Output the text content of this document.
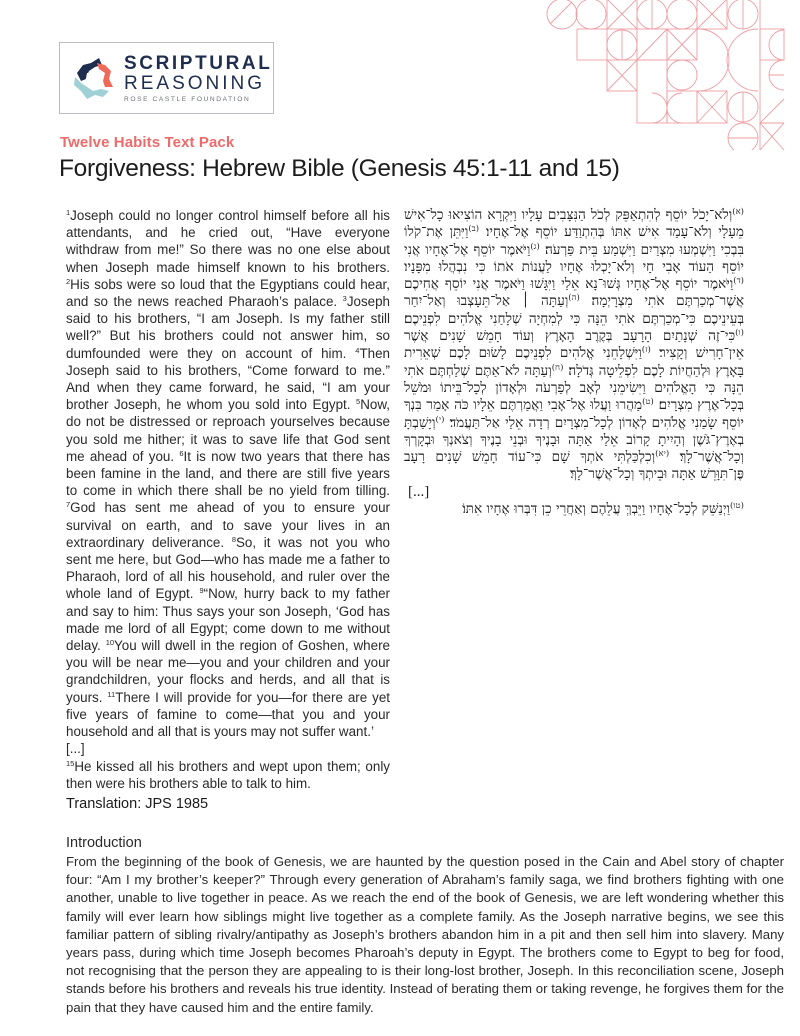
SCRIPTURAL
REASONING
ROSE CASTLE FOUNDATION
Twelve Habits Text Pack
Forgiveness: Hebrew Bible (Genesis 45:1-11 and 15)

$^1$Joseph could no longer control himself before all his attendants, and he cried out, “Have everyone withdraw from me!” So there was no one else about when Joseph made himself known to his brothers. $^2$His sobs were so loud that the Egyptians could hear, and so the news reached Pharaoh’s palace. $^3$Joseph said to his brothers, “I am Joseph. Is my father still well?” But his brothers could not answer him, so dumfounded were they on account of him. $^4$Then Joseph said to his brothers, “Come forward to me.” And when they came forward, he said, “I am your brother Joseph, he whom you sold into Egypt. $^5$Now, do not be distressed or reproach yourselves because you sold me hither; it was to save life that God sent me ahead of you. $^6$It is now two years that there has been famine in the land, and there are still five years to come in which there shall be no yield from tilling. $^7$God has sent me ahead of you to ensure your survival on earth, and to save your lives in an extraordinary deliverance. $^8$So, it was not you who sent me here, but God—who has made me a father to Pharaoh, lord of all his household, and ruler over the whole land of Egypt. $^9$“Now, hurry back to my father and say to him: Thus says your son Joseph, ‘God has made me lord of all Egypt; come down to me without delay. $^{10}$You will dwell in the region of Goshen, where you will be near me—you and your children and your grandchildren, your flocks and herds, and all that is yours. $^{11}$There I will provide for you—for there are yet five years of famine to come—that you and your household and all that is yours may not suffer want.’

[...]

$^{15}$He kissed all his brothers and wept upon them; only then were his brothers able to talk to him.

$^{(א)}$וְלֹא־יָכֹל יוֹסֵף לְהִתְאַפֵּק לְכֹל הַנִּצָּבִים עָלָיו וַיִּקְרָא הוֹצִיאוּ כָל־אִישׁ מֵעָלָי וְלֹא־עָמַד אִישׁ אִתּוֹ בְּהִתְוַדַּע יוֹסֵף אֶל־אֶחָיו׃ $^{(ב)}$וַיִּתֵּן אֶת־קֹלוֹ בִּבְכִי וַיִּשְׁמְעוּ מִצְרַיִם וַיִּשְׁמַע בֵּית פַּרְעֹה׃ $^{(ג)}$וַיֹּאמֶר יוֹסֵף אֶל־אֶחָיו אֲנִי יוֹסֵף הַעוֹד אָבִי חָי וְלֹא־יָכְלוּ אֶחָיו לַעֲנוֹת אֹתוֹ כִּי נִבְהֲלוּ מִפָּנָיו׃ $^{(ד)}$וַיֹּאמֶר יוֹסֵף אֶל־אֶחָיו גְּשׁוּ־נָא אֵלַי וַיִּגָּשׁוּ וַיֹּאמֶר אֲנִי יוֹסֵף אֲחִיכֶם אֲשֶׁר־מְכַרְתֶּם אֹתִי מִצְרָיְמָה׃ $^{(ה)}$וְעַתָּה ׀ אַל־תֵּעָצְבוּ וְאַל־יִחַר בְּעֵינֵיכֶם כִּי־מְכַרְתֶּם אֹתִי הֵנָּה כִּי לְמִחְיָה שְׁלָחַנִי אֱלֹהִים לִפְנֵיכֶם׃ $^{(ו)}$כִּי־זֶה שְׁנָתַיִם הָרָעָב בְּקֶרֶב הָאָרֶץ וְעוֹד חָמֵשׁ שָׁנִים אֲשֶׁר אֵין־חָרִישׁ וְקָצִיר׃ $^{(ז)}$וַיִּשְׁלָחֵנִי אֱלֹהִים לִפְנֵיכֶם לָשׂוּם לָכֶם שְׁאֵרִית בָּאָרֶץ וּלְהַחֲיוֹת לָכֶם לִפְלֵיטָה גְּדֹלָה׃ $^{(ח)}$וְעַתָּה לֹא־אַתֶּם שְׁלַחְתֶּם אֹתִי הֵנָּה כִּי הָאֱלֹהִים וַיִּשִׂימֵנִי לְאָב לְפַרְעֹה וּלְאָדוֹן לְכָל־בֵּיתוֹ וּמֹשֵׁל בְּכָל־אֶרֶץ מִצְרָיִם׃ $^{(ט)}$מַהֲרוּ וַעֲלוּ אֶל־אָבִי וַאֲמַרְתֶּם אֵלָיו כֹּה אָמַר בִּנְךָ יוֹסֵף שָׂמַנִי אֱלֹהִים לְאָדוֹן לְכָל־מִצְרָיִם רְדָה אֵלַי אַל־תַּעֲמֹד׃ $^{(י)}$וְיָשַׁבְתָּ בְאֶרֶץ־גֹּשֶׁן וְהָיִיתָ קָרוֹב אֵלַי אַתָּה וּבָנֶיךָ וּבְנֵי בָנֶיךָ וְצֹאנְךָ וּבְקָרְךָ וְכָל־אֲשֶׁר־לָךְ׃ $^{(יא)}$וְכִלְכַּלְתִּי אֹתְךָ שָׁם כִּי־עוֹד חָמֵשׁ שָׁנִים רָעָב פֶּן־תִּוָּרֵשׁ אַתָּה וּבֵיתְךָ וְכָל־אֲשֶׁר־לָךְ׃

[...]

$^{(טו)}$וַיְנַשֵּׁק לְכָל־אֶחָיו וַיֵּבְךְּ עֲלֵהֶם וְאַחֲרֵי כֵן דִּבְּרוּ אֶחָיו אִתּוֹ׃

Translation: JPS 1985
Introduction

From the beginning of the book of Genesis, we are haunted by the question posed in the Cain and Abel story of chapter four: “Am I my brother’s keeper?” Through every generation of Abraham’s family saga, we find brothers fighting with one another, unable to live together in peace. As we reach the end of the book of Genesis, we are left wondering whether this family will ever learn how siblings might live together as a complete family. As the Joseph narrative begins, we see this familiar pattern of sibling rivalry/antipathy as Joseph’s brothers abandon him in a pit and then sell him into slavery. Many years pass, during which time Joseph becomes Pharoah’s deputy in Egypt. The brothers come to Egypt to beg for food, not recognising that the person they are appealing to is their long-lost brother, Joseph. In this reconciliation scene, Joseph stands before his brothers and reveals his true identity. Instead of berating them or taking revenge, he forgives them for the pain that they have caused him and the entire family.
